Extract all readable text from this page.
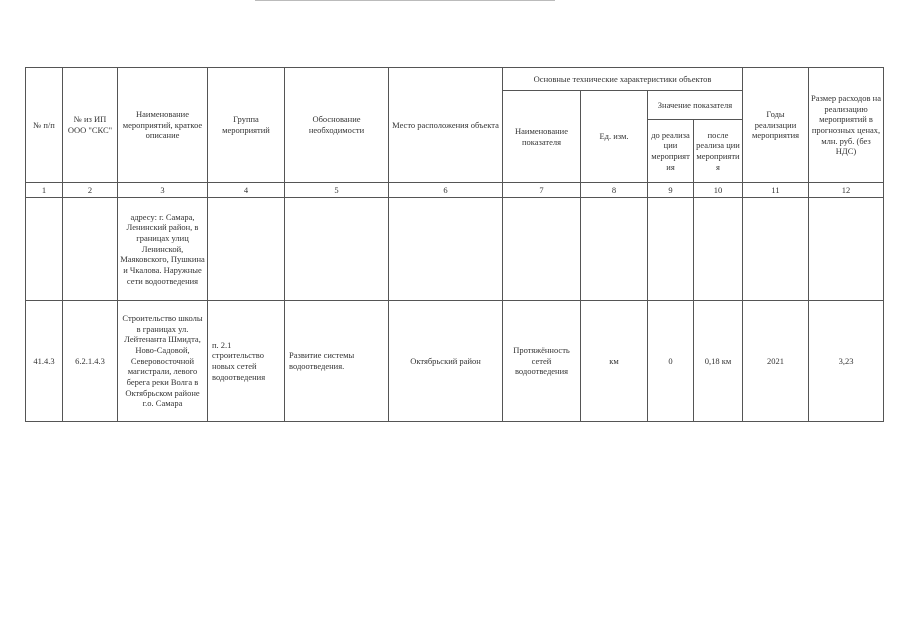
№ п/п	№ из ИП ООО "СКС"	Наименование мероприятий, краткое описание	Группа мероприятий	Обоснование необходимости	Место расположения объекта	Основные технические характеристики объектов				Годы реализации мероприятия	Размер расходов на реализацию мероприятий в прогнозных ценах, млн. руб. (без НДС)
						Наименование показателя	Ед. изм.	Значение показателя			
								до реализа ции мероприятия	после реализа ции мероприятия		
1	2	3	4	5	6	7	8	9	10	11	12
		адресу: г. Самара, Ленинский район, в границах улиц Ленинской, Маяковского, Пушкина и Чкалова. Наружные сети водоотведения									
41.4.3	6.2.1.4.3	Строительство школы в границах ул. Лейтенанта Шмидта, Ново-Садовой, Северовосточной магистрали, левого берега реки Волга в Октябрьском районе г.о. Самара	п. 2.1 строительство новых сетей водоотведения	Развитие системы водоотведения.	Октябрьский район	Протяжённость сетей водоотведения	км	0	0,18 км	2021	3,23
